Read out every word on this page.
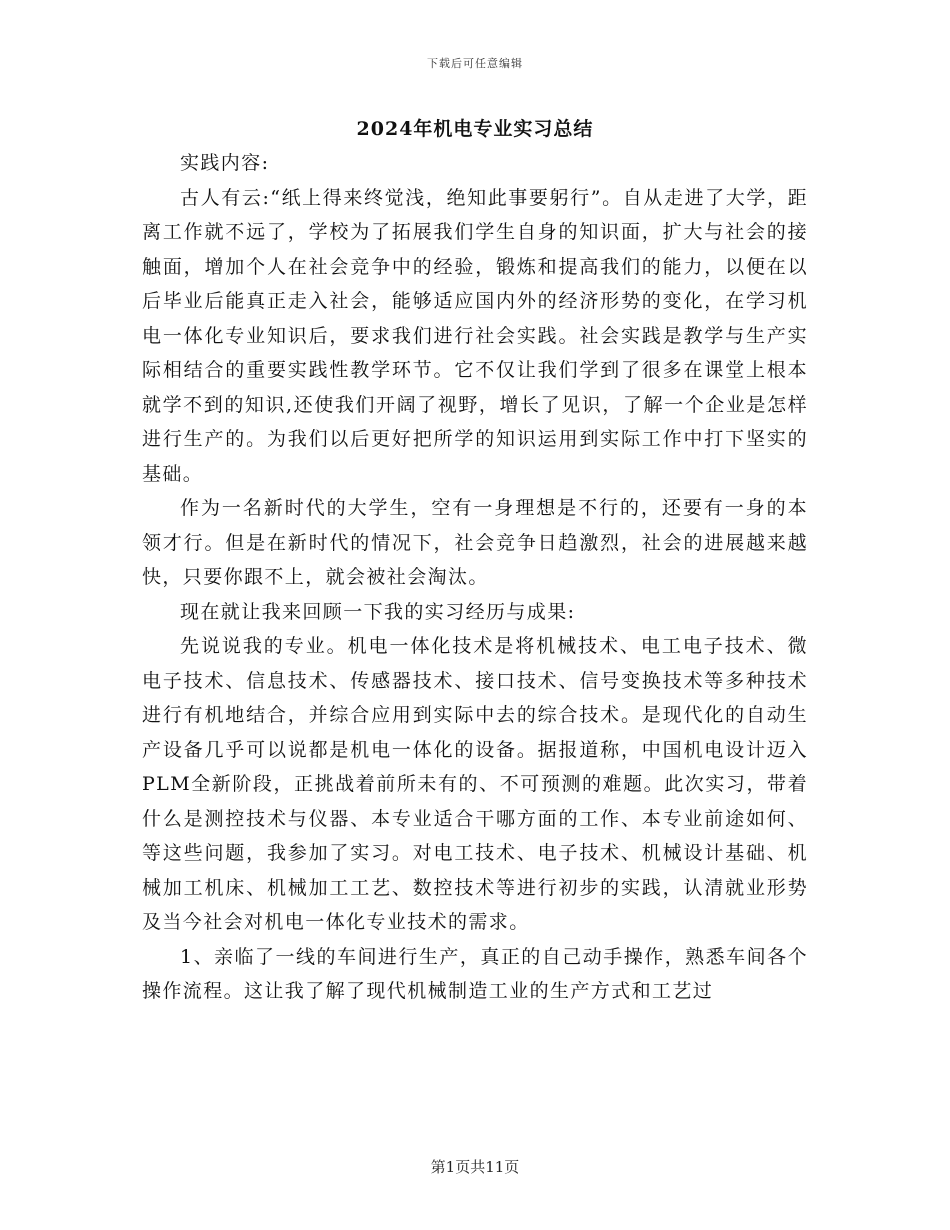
下载后可任意编辑
2024年机电专业实习总结

实践内容:

古人有云:“纸上得来终觉浅，绝知此事要躬行”。自从走进了大学，距离工作就不远了，学校为了拓展我们学生自身的知识面，扩大与社会的接触面，增加个人在社会竞争中的经验，锻炼和提高我们的能力，以便在以后毕业后能真正走入社会，能够适应国内外的经济形势的变化，在学习机电一体化专业知识后，要求我们进行社会实践。社会实践是教学与生产实际相结合的重要实践性教学环节。它不仅让我们学到了很多在课堂上根本就学不到的知识,还使我们开阔了视野，增长了见识，了解一个企业是怎样进行生产的。为我们以后更好把所学的知识运用到实际工作中打下坚实的基础。

作为一名新时代的大学生，空有一身理想是不行的，还要有一身的本领才行。但是在新时代的情况下，社会竞争日趋激烈，社会的进展越来越快，只要你跟不上，就会被社会淘汰。

现在就让我来回顾一下我的实习经历与成果:

先说说我的专业。机电一体化技术是将机械技术、电工电子技术、微电子技术、信息技术、传感器技术、接口技术、信号变换技术等多种技术进行有机地结合，并综合应用到实际中去的综合技术。是现代化的自动生产设备几乎可以说都是机电一体化的设备。据报道称，中国机电设计迈入PLM全新阶段，正挑战着前所未有的、不可预测的难题。此次实习，带着什么是测控技术与仪器、本专业适合干哪方面的工作、本专业前途如何、等这些问题，我参加了实习。对电工技术、电子技术、机械设计基础、机械加工机床、机械加工工艺、数控技术等进行初步的实践，认清就业形势及当今社会对机电一体化专业技术的需求。

1、亲临了一线的车间进行生产，真正的自己动手操作，熟悉车间各个操作流程。这让我了解了现代机械制造工业的生产方式和工艺过

第1页共11页
